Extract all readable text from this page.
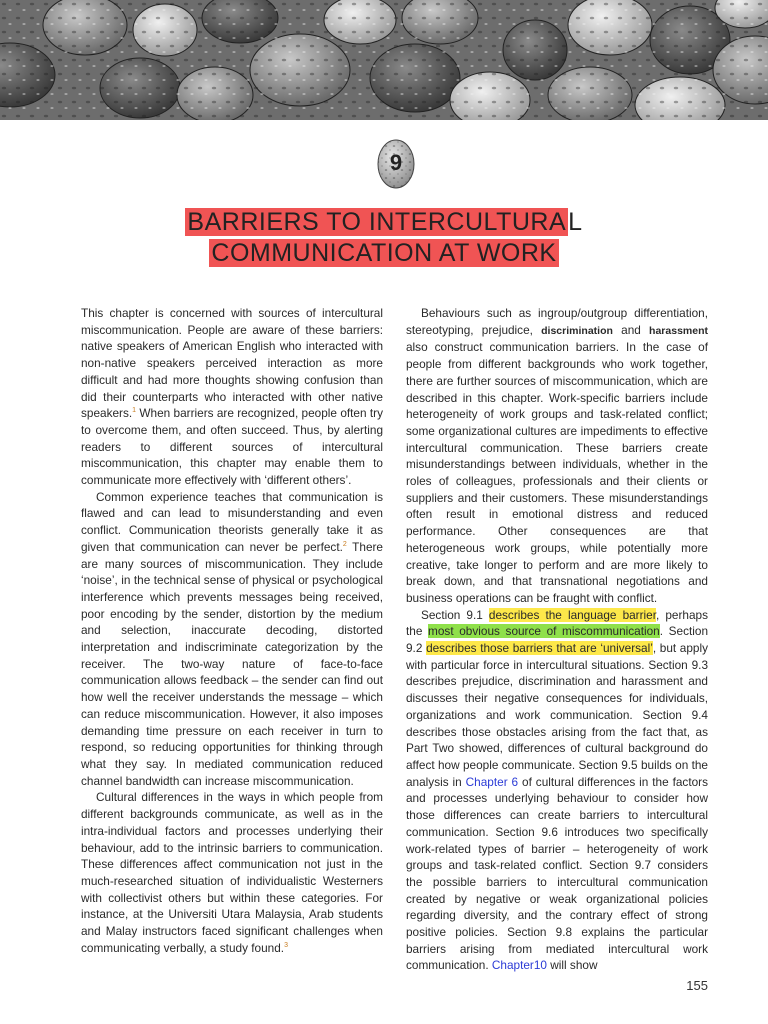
9
BARRIERS TO INTERCULTURAL
COMMUNICATION AT WORK

This chapter is concerned with sources of intercultural miscommunication. People are aware of these barriers: native speakers of American English who interacted with non-native speakers perceived interaction as more difficult and had more thoughts showing confusion than did their counterparts who interacted with other native speakers.$^1$ When barriers are recognized, people often try to overcome them, and often succeed. Thus, by alerting readers to different sources of intercultural miscommunication, this chapter may enable them to communicate more effectively with ‘different others’.

Common experience teaches that communication is flawed and can lead to misunderstanding and even conflict. Communication theorists generally take it as given that communication can never be perfect.$^2$ There are many sources of miscommunication. They include ‘noise’, in the technical sense of physical or psychological interference which prevents messages being received, poor encoding by the sender, distortion by the medium and selection, inaccurate decoding, distorted interpretation and indiscriminate categorization by the receiver. The two-way nature of face-to-face communication allows feedback – the sender can find out how well the receiver understands the message – which can reduce miscommunication. However, it also imposes demanding time pressure on each receiver in turn to respond, so reducing opportunities for thinking through what they say. In mediated communication reduced channel bandwidth can increase miscommunication.

Cultural differences in the ways in which people from different backgrounds communicate, as well as in the intra-individual factors and processes underlying their behaviour, add to the intrinsic barriers to communication. These differences affect communication not just in the much-researched situation of individualistic Westerners with collectivist others but within these categories. For instance, at the Universiti Utara Malaysia, Arab students and Malay instructors faced significant challenges when communicating verbally, a study found.$^3$

Behaviours such as ingroup/outgroup differentiation, stereotyping, prejudice, discrimination and harassment also construct communication barriers. In the case of people from different backgrounds who work together, there are further sources of miscommunication, which are described in this chapter. Work-specific barriers include heterogeneity of work groups and task-related conflict; some organizational cultures are impediments to effective intercultural communication. These barriers create misunderstandings between individuals, whether in the roles of colleagues, professionals and their clients or suppliers and their customers. These misunderstandings often result in emotional distress and reduced performance. Other consequences are that heterogeneous work groups, while potentially more creative, take longer to perform and are more likely to break down, and that transnational negotiations and business operations can be fraught with conflict.

Section 9.1 describes the language barrier, perhaps the most obvious source of miscommunication. Section 9.2 describes those barriers that are ‘universal’, but apply with particular force in intercultural situations. Section 9.3 describes prejudice, discrimination and harassment and discusses their negative consequences for individuals, organizations and work communication. Section 9.4 describes those obstacles arising from the fact that, as Part Two showed, differences of cultural background do affect how people communicate. Section 9.5 builds on the analysis in Chapter 6 of cultural differences in the factors and processes underlying behaviour to consider how those differences can create barriers to intercultural communication. Section 9.6 introduces two specifically work-related types of barrier – heterogeneity of work groups and task-related conflict. Section 9.7 considers the possible barriers to intercultural communication created by negative or weak organizational policies regarding diversity, and the contrary effect of strong positive policies. Section 9.8 explains the particular barriers arising from mediated intercultural work communication. Chapter10 will show

155
